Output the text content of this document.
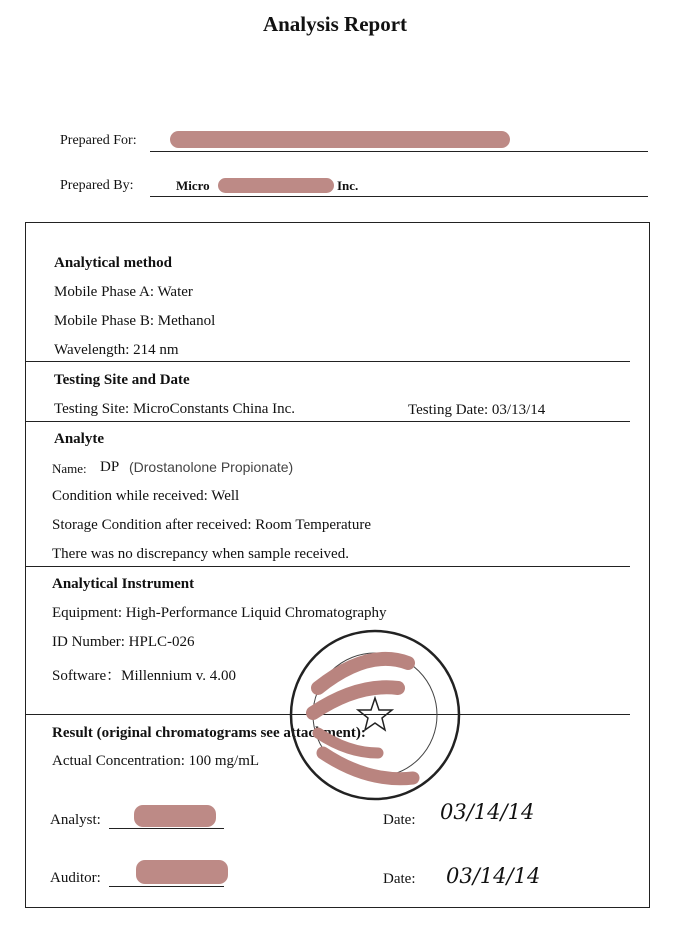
Analysis Report
Prepared For:
Prepared By:	Micro	Inc.
Analytical method
Mobile Phase A: Water
Mobile Phase B: Methanol
Wavelength: 214 nm
Testing Site and Date
Testing Site: MicroConstants China Inc.	Testing Date: 03/13/14
Analyte
Name: DP (Drostanolone Propionate)
Condition while received: Well
Storage Condition after received: Room Temperature
There was no discrepancy when sample received.
Analytical Instrument
Equipment: High-Performance Liquid Chromatography
ID Number: HPLC-026
Software：Millennium v. 4.00
Result (original chromatograms see attachment):
Actual Concentration: 100 mg/mL
Analyst:	Date: 03/14/14
Auditor:	Date: 03/14/14
